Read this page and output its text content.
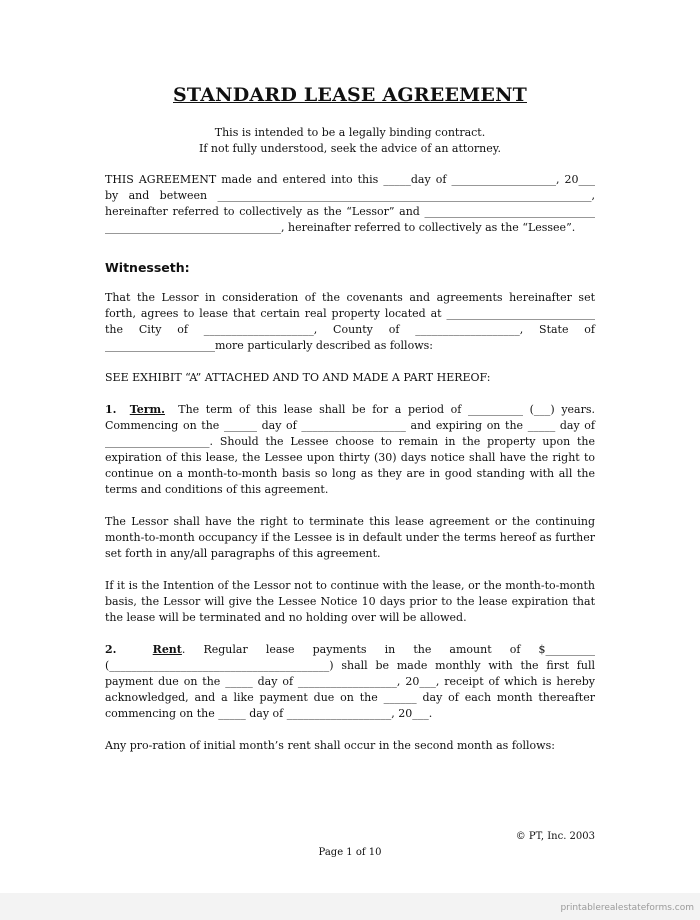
STANDARD LEASE AGREEMENT
This is intended to be a legally binding contract.
If not fully understood, seek the advice of an attorney.

THIS AGREEMENT made and entered into this _____day of ___________________, 20___ by and between ____________________________________________________________________, hereinafter referred to collectively as the “Lessor” and _______________________________ ________________________________, hereinafter referred to collectively as the “Lessee”.

Witnesseth:

That the Lessor in consideration of the covenants and agreements hereinafter set forth, agrees to lease that certain real property located at ___________________________ the City of ____________________, County of ___________________, State of ____________________more particularly described as follows:

SEE EXHIBIT “A” ATTACHED AND TO AND MADE A PART HEREOF:

1. Term. The term of this lease shall be for a period of __________ (___) years. Commencing on the ______ day of ___________________ and expiring on the _____ day of ___________________. Should the Lessee choose to remain in the property upon the expiration of this lease, the Lessee upon thirty (30) days notice shall have the right to continue on a month-to-month basis so long as they are in good standing with all the terms and conditions of this agreement.

The Lessor shall have the right to terminate this lease agreement or the continuing month-to-month occupancy if the Lessee is in default under the terms hereof as further set forth in any/all paragraphs of this agreement.

If it is the Intention of the Lessor not to continue with the lease, or the month-to-month basis, the Lessor will give the Lessee Notice 10 days prior to the lease expiration that the lease will be terminated and no holding over will be allowed.

2.	Rent. Regular lease payments in the amount of $_________ (________________________________________) shall be made monthly with the first full payment due on the _____ day of __________________, 20___, receipt of which is hereby acknowledged, and a like payment due on the ______ day of each month thereafter commencing on the _____ day of ___________________, 20___.

Any pro-ration of initial month’s rent shall occur in the second month as follows:

© PT, Inc. 2003
Page 1 of 10
printablerealestateforms.com
